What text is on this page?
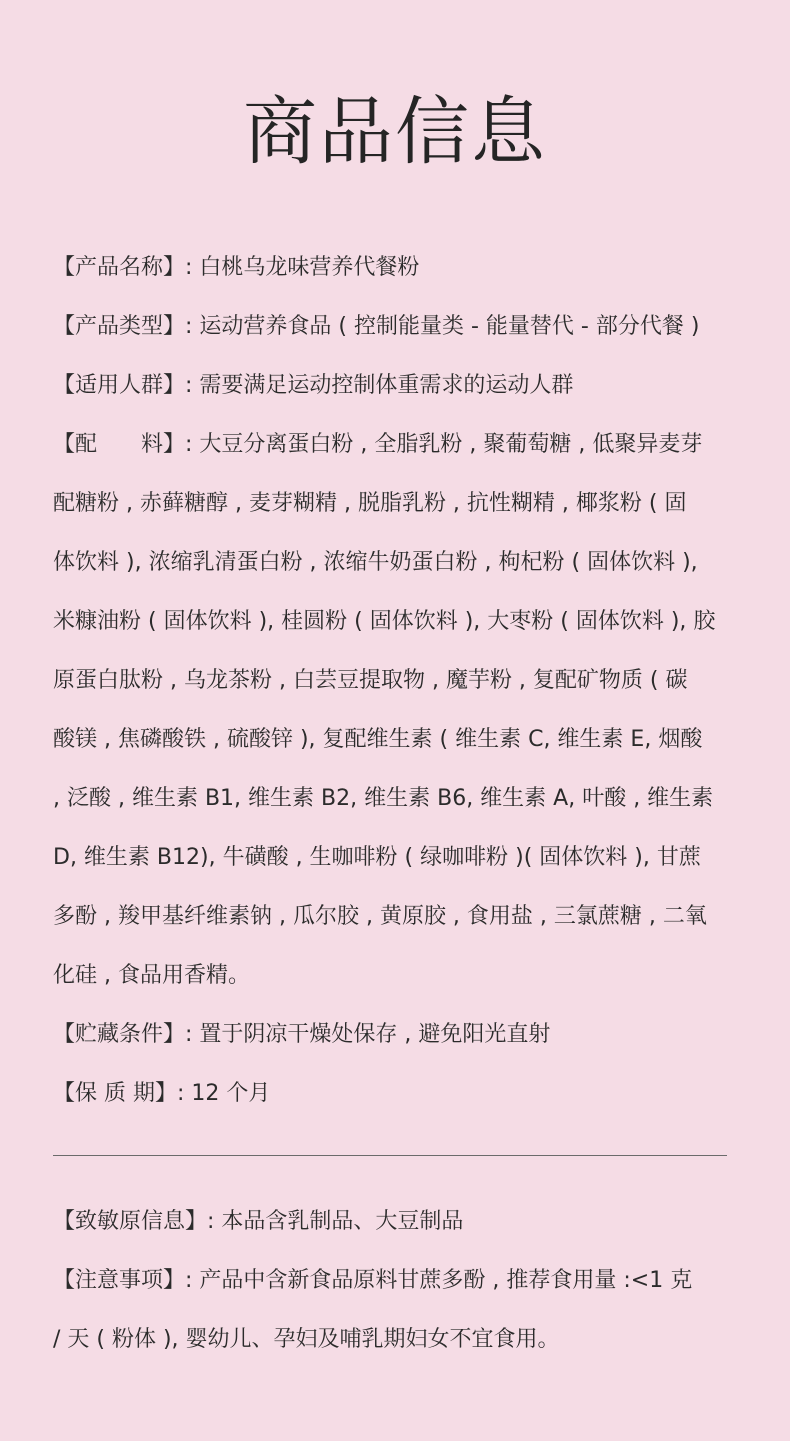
商品信息
【产品名称】: 白桃乌龙味营养代餐粉
【产品类型】: 运动营养食品 ( 控制能量类 - 能量替代 - 部分代餐 )
【适用人群】: 需要满足运动控制体重需求的运动人群
【配　　料】: 大豆分离蛋白粉 , 全脂乳粉 , 聚葡萄糖 , 低聚异麦芽
配糖粉 , 赤藓糖醇 , 麦芽糊精 , 脱脂乳粉 , 抗性糊精 , 椰浆粉 ( 固
体饮料 ), 浓缩乳清蛋白粉 , 浓缩牛奶蛋白粉 , 枸杞粉 ( 固体饮料 ),
米糠油粉 ( 固体饮料 ), 桂圆粉 ( 固体饮料 ), 大枣粉 ( 固体饮料 ), 胶
原蛋白肽粉 , 乌龙茶粉 , 白芸豆提取物 , 魔芋粉 , 复配矿物质 ( 碳
酸镁 , 焦磷酸铁 , 硫酸锌 ), 复配维生素 ( 维生素 C, 维生素 E, 烟酸
, 泛酸 , 维生素 B1, 维生素 B2, 维生素 B6, 维生素 A, 叶酸 , 维生素
D, 维生素 B12), 牛磺酸 , 生咖啡粉 ( 绿咖啡粉 )( 固体饮料 ), 甘蔗
多酚 , 羧甲基纤维素钠 , 瓜尔胶 , 黄原胶 , 食用盐 , 三氯蔗糖 , 二氧
化硅 , 食品用香精。
【贮藏条件】: 置于阴凉干燥处保存 , 避免阳光直射
【保 质 期】: 12 个月
【致敏原信息】: 本品含乳制品、大豆制品
【注意事项】: 产品中含新食品原料甘蔗多酚 , 推荐食用量 :<1 克
/ 天 ( 粉体 ), 婴幼儿、孕妇及哺乳期妇女不宜食用。
